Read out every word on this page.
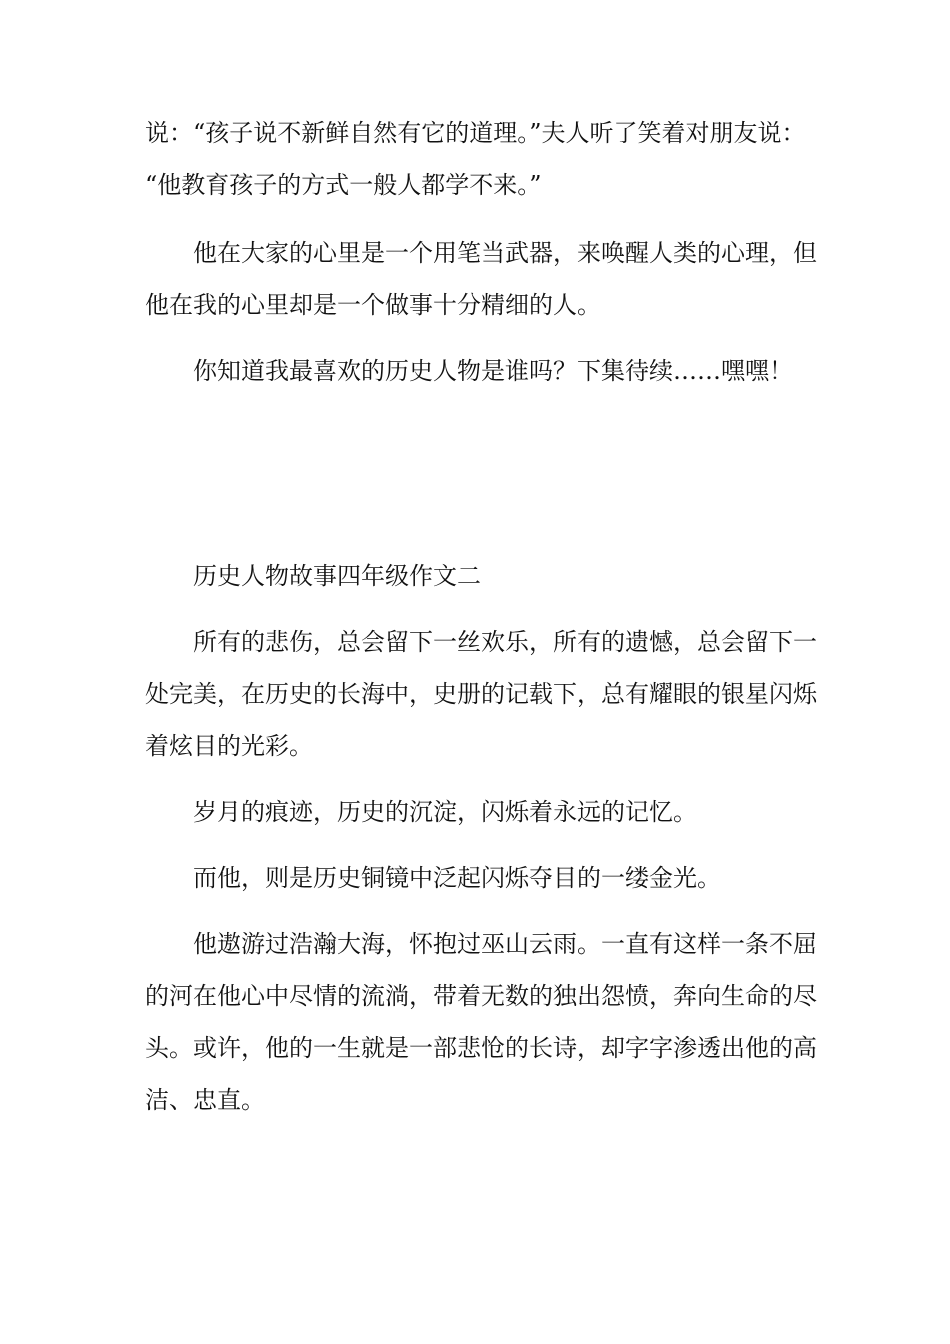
说：“孩子说不新鲜自然有它的道理。”夫人听了笑着对朋友说：
“他教育孩子的方式一般人都学不来。”
他在大家的心里是一个用笔当武器，来唤醒人类的心理，但
他在我的心里却是一个做事十分精细的人。
你知道我最喜欢的历史人物是谁吗？下集待续……嘿嘿！
历史人物故事四年级作文二
所有的悲伤，总会留下一丝欢乐，所有的遗憾，总会留下一
处完美，在历史的长海中，史册的记载下，总有耀眼的银星闪烁
着炫目的光彩。
岁月的痕迹，历史的沉淀，闪烁着永远的记忆。
而他，则是历史铜镜中泛起闪烁夺目的一缕金光。
他遨游过浩瀚大海，怀抱过巫山云雨。一直有这样一条不屈
的河在他心中尽情的流淌，带着无数的独出怨愤，奔向生命的尽
头。或许，他的一生就是一部悲怆的长诗，却字字渗透出他的高
洁、忠直。
